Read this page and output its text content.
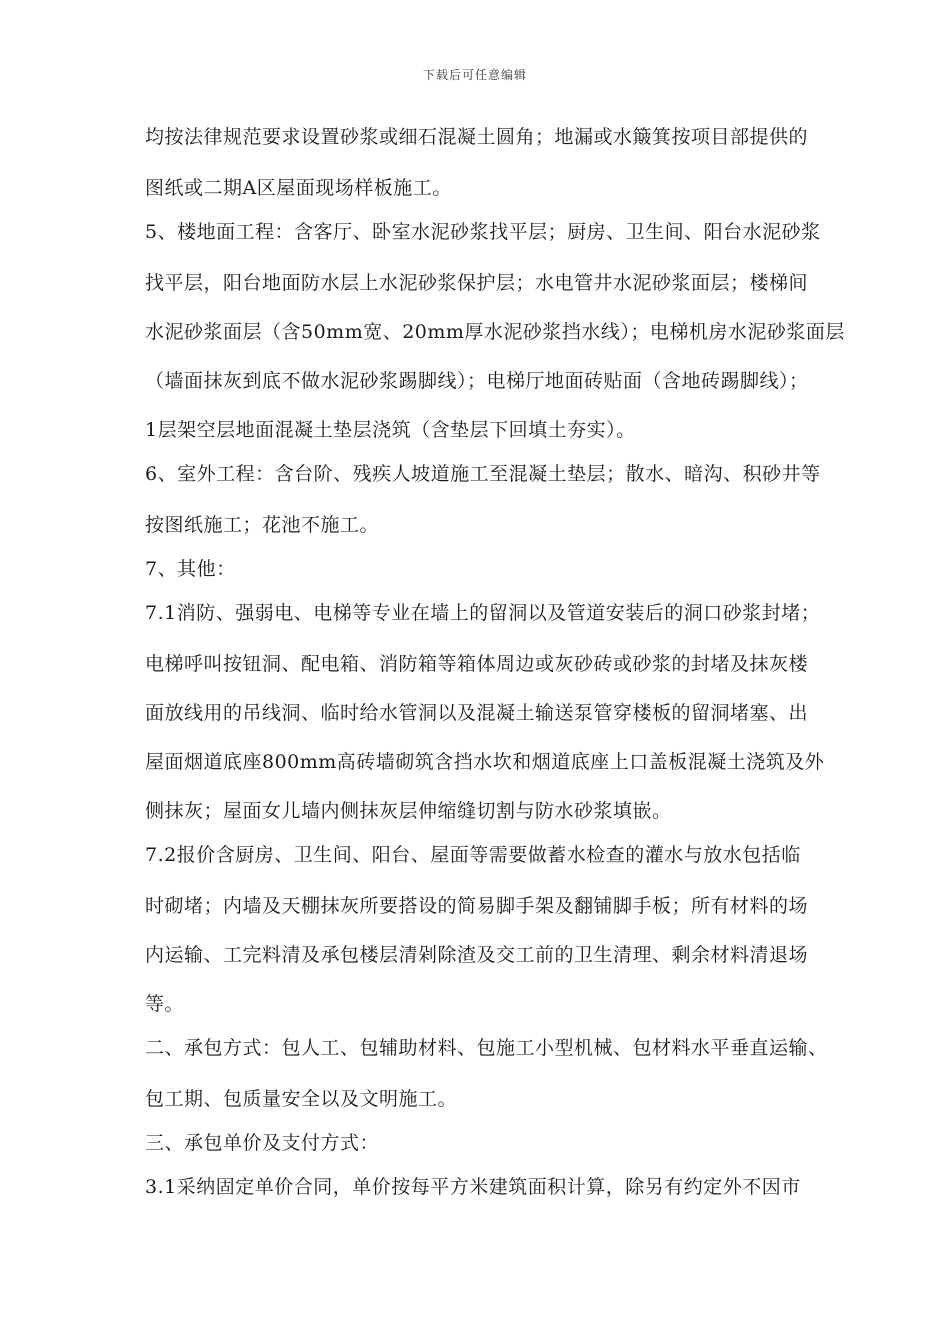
下载后可任意编辑
均按法律规范要求设置砂浆或细石混凝土圆角；地漏或水簸箕按项目部提供的
图纸或二期A区屋面现场样板施工。
5、楼地面工程：含客厅、卧室水泥砂浆找平层；厨房、卫生间、阳台水泥砂浆
找平层，阳台地面防水层上水泥砂浆保护层；水电管井水泥砂浆面层；楼梯间
水泥砂浆面层（含50mm宽、20mm厚水泥砂浆挡水线）；电梯机房水泥砂浆面层
（墙面抹灰到底不做水泥砂浆踢脚线）；电梯厅地面砖贴面（含地砖踢脚线）；
1层架空层地面混凝土垫层浇筑（含垫层下回填土夯实）。
6、室外工程：含台阶、残疾人坡道施工至混凝土垫层；散水、暗沟、积砂井等
按图纸施工；花池不施工。
7、其他：
7.1消防、强弱电、电梯等专业在墙上的留洞以及管道安装后的洞口砂浆封堵；
电梯呼叫按钮洞、配电箱、消防箱等箱体周边或灰砂砖或砂浆的封堵及抹灰楼
面放线用的吊线洞、临时给水管洞以及混凝土输送泵管穿楼板的留洞堵塞、出
屋面烟道底座800mm高砖墙砌筑含挡水坎和烟道底座上口盖板混凝土浇筑及外
侧抹灰；屋面女儿墙内侧抹灰层伸缩缝切割与防水砂浆填嵌。
7.2报价含厨房、卫生间、阳台、屋面等需要做蓄水检查的灌水与放水包括临
时砌堵；内墙及天棚抹灰所要搭设的简易脚手架及翻铺脚手板；所有材料的场
内运输、工完料清及承包楼层清剁除渣及交工前的卫生清理、剩余材料清退场
等。
二、承包方式：包人工、包辅助材料、包施工小型机械、包材料水平垂直运输、
包工期、包质量安全以及文明施工。
三、承包单价及支付方式：
3.1采纳固定单价合同，单价按每平方米建筑面积计算，除另有约定外不因市
